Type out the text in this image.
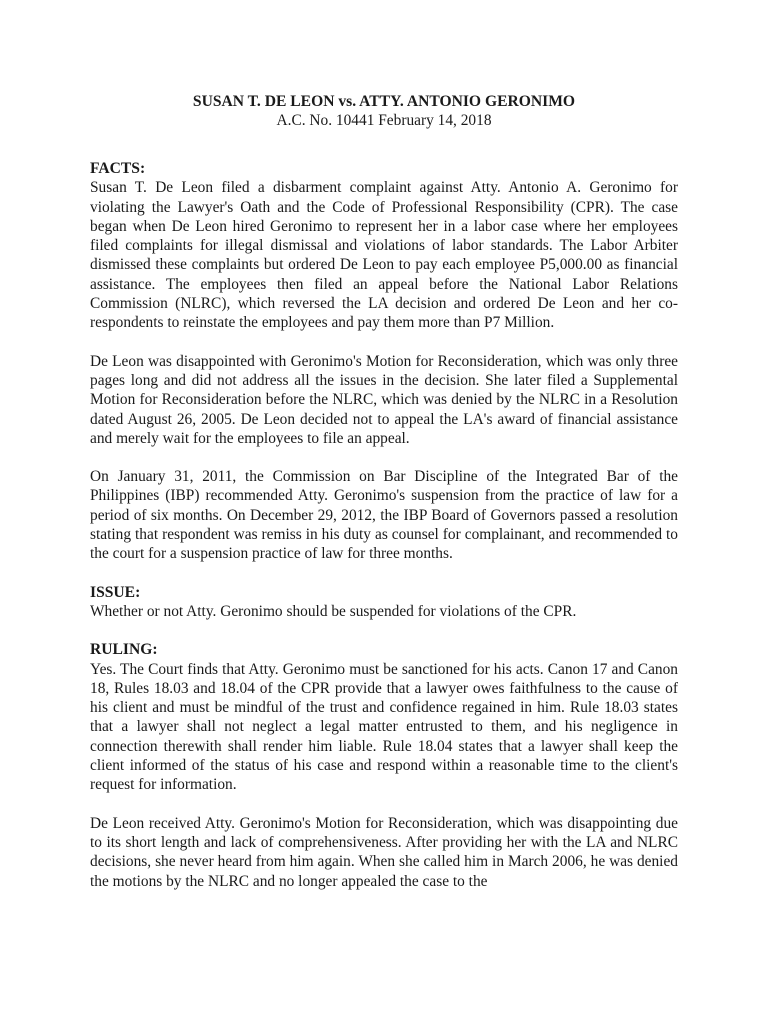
SUSAN T. DE LEON vs. ATTY. ANTONIO GERONIMO

A.C. No. 10441 February 14, 2018

FACTS:

Susan T. De Leon filed a disbarment complaint against Atty. Antonio A. Geronimo for violating the Lawyer's Oath and the Code of Professional Responsibility (CPR). The case began when De Leon hired Geronimo to represent her in a labor case where her employees filed complaints for illegal dismissal and violations of labor standards. The Labor Arbiter dismissed these complaints but ordered De Leon to pay each employee P5,000.00 as financial assistance. The employees then filed an appeal before the National Labor Relations Commission (NLRC), which reversed the LA decision and ordered De Leon and her co-respondents to reinstate the employees and pay them more than P7 Million.

De Leon was disappointed with Geronimo's Motion for Reconsideration, which was only three pages long and did not address all the issues in the decision. She later filed a Supplemental Motion for Reconsideration before the NLRC, which was denied by the NLRC in a Resolution dated August 26, 2005. De Leon decided not to appeal the LA's award of financial assistance and merely wait for the employees to file an appeal.

On January 31, 2011, the Commission on Bar Discipline of the Integrated Bar of the Philippines (IBP) recommended Atty. Geronimo's suspension from the practice of law for a period of six months. On December 29, 2012, the IBP Board of Governors passed a resolution stating that respondent was remiss in his duty as counsel for complainant, and recommended to the court for a suspension practice of law for three months.

ISSUE:

Whether or not Atty. Geronimo should be suspended for violations of the CPR.

RULING:

Yes. The Court finds that Atty. Geronimo must be sanctioned for his acts. Canon 17 and Canon 18, Rules 18.03 and 18.04 of the CPR provide that a lawyer owes faithfulness to the cause of his client and must be mindful of the trust and confidence regained in him. Rule 18.03 states that a lawyer shall not neglect a legal matter entrusted to them, and his negligence in connection therewith shall render him liable. Rule 18.04 states that a lawyer shall keep the client informed of the status of his case and respond within a reasonable time to the client's request for information.

De Leon received Atty. Geronimo's Motion for Reconsideration, which was disappointing due to its short length and lack of comprehensiveness. After providing her with the LA and NLRC decisions, she never heard from him again. When she called him in March 2006, he was denied the motions by the NLRC and no longer appealed the case to the
